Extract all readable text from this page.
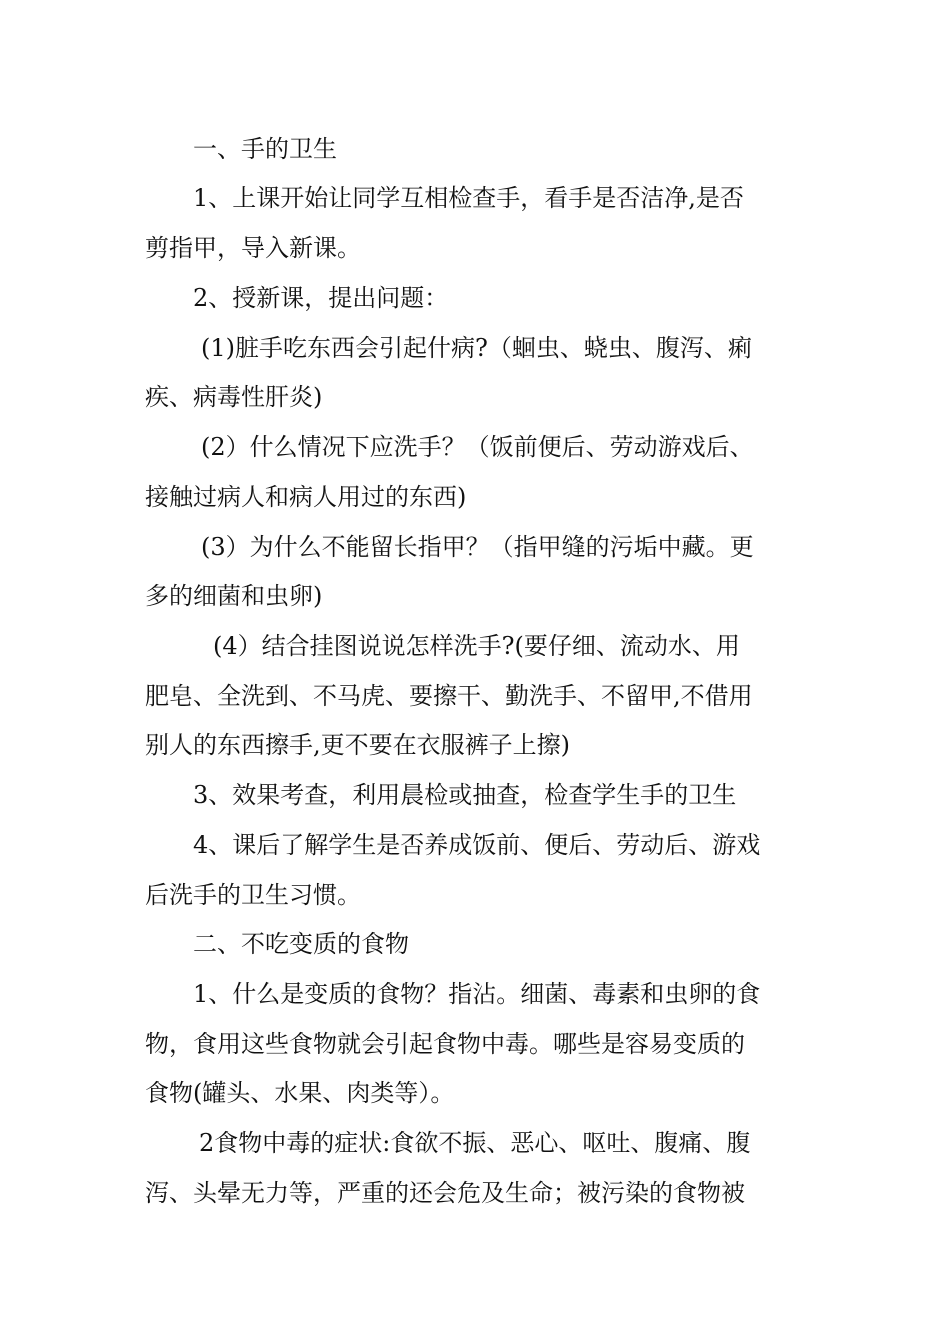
一、手的卫生
1、上课开始让同学互相检查手，看手是否洁净,是否
剪指甲，导入新课。
2、授新课，提出问题：
(1)脏手吃东西会引起什病?（蛔虫、蛲虫、腹泻、痢
疾、病毒性肝炎)
(2）什么情况下应洗手？（饭前便后、劳动游戏后、
接触过病人和病人用过的东西)
(3）为什么不能留长指甲？（指甲缝的污垢中藏。更
多的细菌和虫卵)
(4）结合挂图说说怎样洗手?(要仔细、流动水、用
肥皂、全洗到、不马虎、要擦干、勤洗手、不留甲,不借用
别人的东西擦手,更不要在衣服裤子上擦)
3、效果考查，利用晨检或抽查，检查学生手的卫生
4、课后了解学生是否养成饭前、便后、劳动后、游戏
后洗手的卫生习惯。
二、不吃变质的食物
1、什么是变质的食物？指沾。细菌、毒素和虫卵的食
物，食用这些食物就会引起食物中毒。哪些是容易变质的
食物(罐头、水果、肉类等）。
2食物中毒的症状:食欲不振、恶心、呕吐、腹痛、腹
泻、头晕无力等，严重的还会危及生命；被污染的食物被
